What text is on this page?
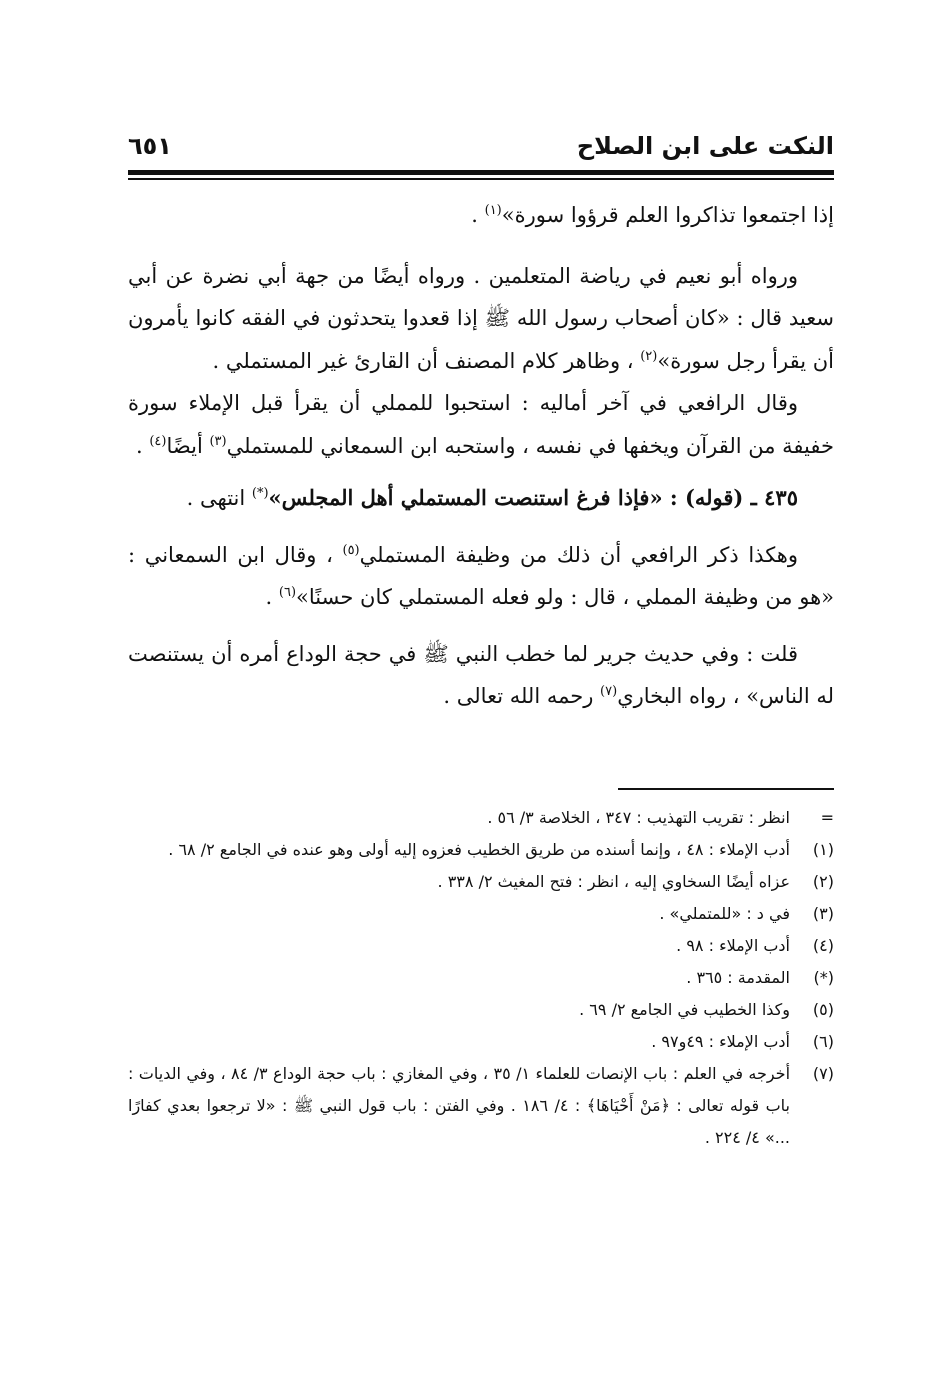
النكت على ابن الصلاح
٦٥١

إذا اجتمعوا تذاكروا العلم قرؤوا سورة»$^{(١)}$ .

ورواه أبو نعيم في رياضة المتعلمين . ورواه أيضًا من جهة أبي نضرة عن أبي سعيد قال : «كان أصحاب رسول الله ﷺ إذا قعدوا يتحدثون في الفقه كانوا يأمرون أن يقرأ رجل سورة»$^{(٢)}$ ، وظاهر كلام المصنف أن القارئ غير المستملي .

وقال الرافعي في آخر أماليه : استحبوا للمملي أن يقرأ قبل الإملاء سورة خفيفة من القرآن ويخفها في نفسه ، واستحبه ابن السمعاني للمستملي$^{(٣)}$ أيضًا$^{(٤)}$ .

٤٣٥ ـ (قوله) : «فإذا فرغ استنصت المستملي أهل المجلس»(*) انتهى .

وهكذا ذكر الرافعي أن ذلك من وظيفة المستملي$^{(٥)}$ ، وقال ابن السمعاني : «هو من وظيفة المملي ، قال : ولو فعله المستملي كان حسنًا»$^{(٦)}$ .

قلت : وفي حديث جرير لما خطب النبي ﷺ في حجة الوداع أمره أن يستنصت له الناس» ، رواه البخاري$^{(٧)}$ رحمه الله تعالى .

=
انظر : تقريب التهذيب : ٣٤٧ ، الخلاصة ٣/ ٥٦ .
(١)
أدب الإملاء : ٤٨ ، وإنما أسنده من طريق الخطيب فعزوه إليه أولى وهو عنده في الجامع ٢/ ٦٨ .
(٢)
عزاه أيضًا السخاوي إليه ، انظر : فتح المغيث ٢/ ٣٣٨ .
(٣)
في د : «للمتملي» .
(٤)
أدب الإملاء : ٩٨ .
(*)
المقدمة : ٣٦٥ .
(٥)
وكذا الخطيب في الجامع ٢/ ٦٩ .
(٦)
أدب الإملاء : ٤٩و٩٧ .
(٧)
أخرجه في العلم : باب الإنصات للعلماء ١/ ٣٥ ، وفي المغازي : باب حجة الوداع ٣/ ٨٤ ، وفي الديات : باب قوله تعالى : ﴿مَنْ أَحْيَاهَا﴾ : ٤/ ١٨٦ . وفي الفتن : باب قول النبي ﷺ : «لا ترجعوا بعدي كفارًا ...» ٤/ ٢٢٤ .
